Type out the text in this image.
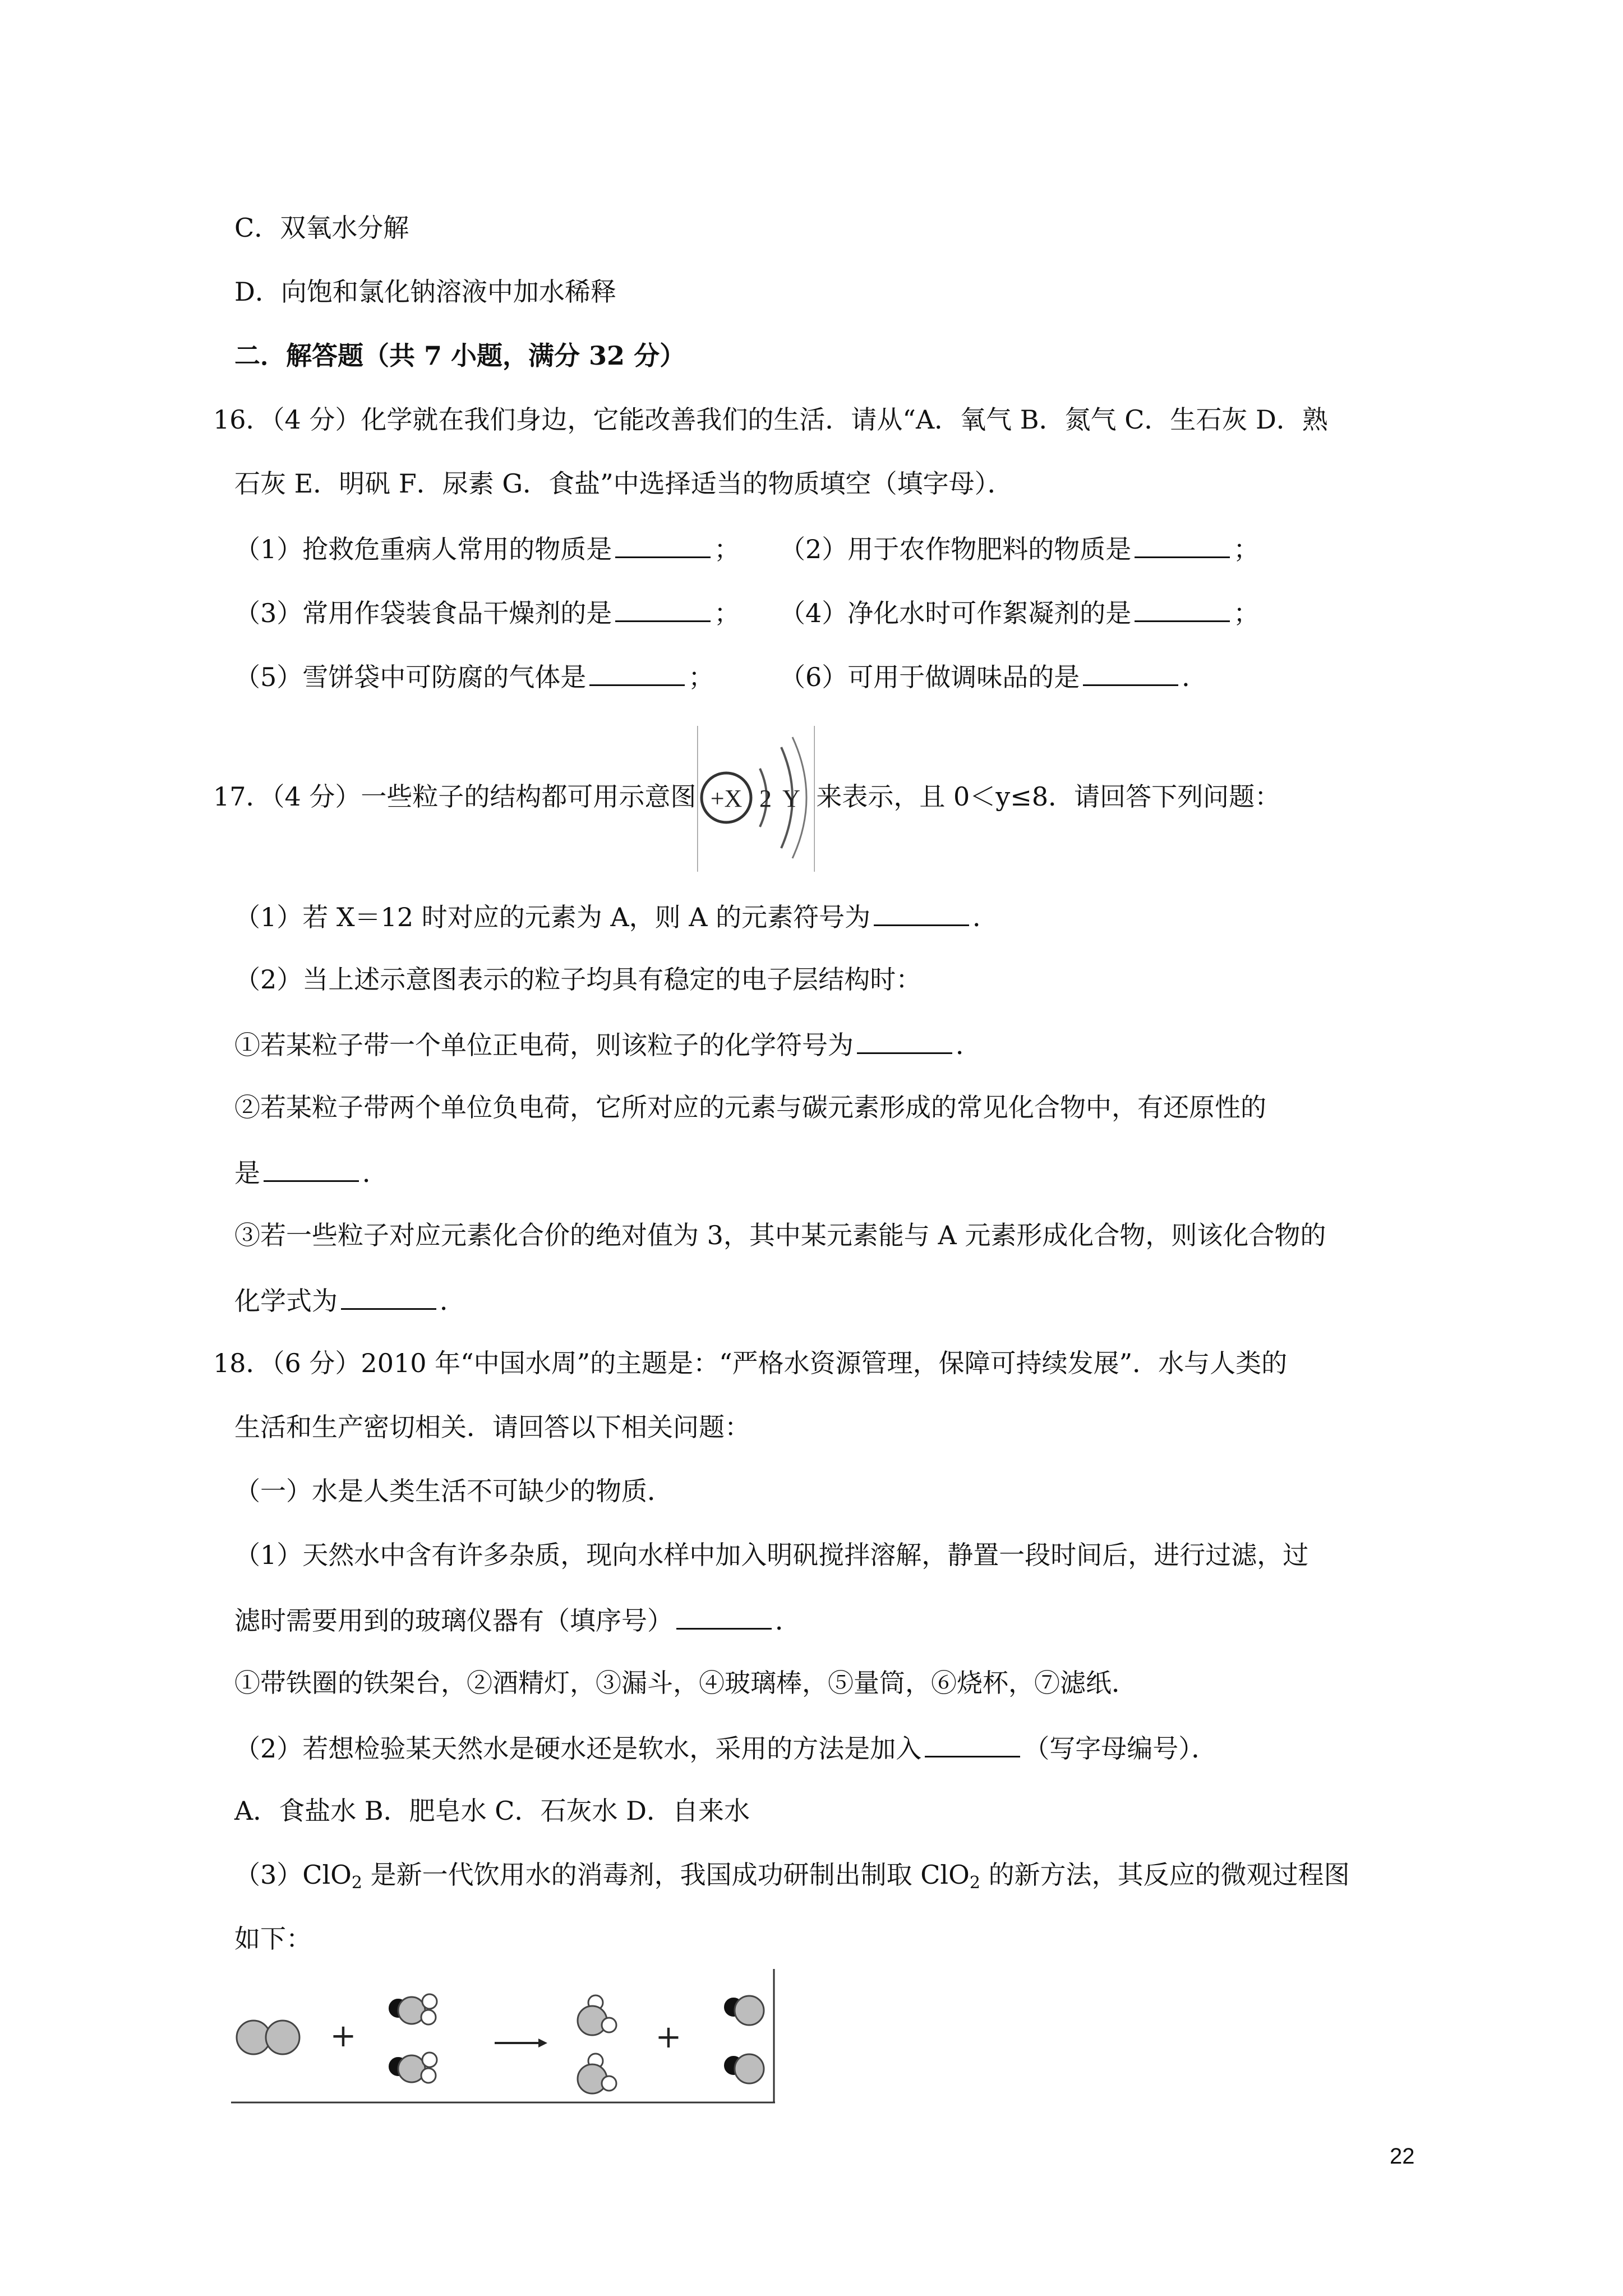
C．双氧水分解
D．向饱和氯化钠溶液中加水稀释
二．解答题（共 7 小题，满分 32 分）
16．（4 分）化学就在我们身边，它能改善我们的生活．请从“A．氧气 B．氮气 C．生石灰 D．熟
石灰 E．明矾 F．尿素 G．食盐”中选择适当的物质填空（填字母）．
（1）抢救危重病人常用的物质是	； （2）用于农作物肥料的物质是	；
（3）常用作袋装食品干燥剂的是	； （4）净化水时可作絮凝剂的是	；
（5）雪饼袋中可防腐的气体是	；	（6）可用于做调味品的是	．
17．（4 分）一些粒子的结构都可用示意图 +X 2 Y 来表示，且 0＜y≤8．请回答下列问题：
（1）若 X＝12 时对应的元素为 A，则 A 的元素符号为	．
（2）当上述示意图表示的粒子均具有稳定的电子层结构时：
①若某粒子带一个单位正电荷，则该粒子的化学符号为	．
②若某粒子带两个单位负电荷，它所对应的元素与碳元素形成的常见化合物中，有还原性的
是	．
③若一些粒子对应元素化合价的绝对值为 3，其中某元素能与 A 元素形成化合物，则该化合物的
化学式为	．
18．（6 分）2010 年“中国水周”的主题是：“严格水资源管理，保障可持续发展”．水与人类的
生活和生产密切相关．请回答以下相关问题：
（一）水是人类生活不可缺少的物质．
（1）天然水中含有许多杂质，现向水样中加入明矾搅拌溶解，静置一段时间后，进行过滤，过
滤时需要用到的玻璃仪器有（填序号）	．
①带铁圈的铁架台，②酒精灯，③漏斗，④玻璃棒，⑤量筒，⑥烧杯，⑦滤纸．
（2）若想检验某天然水是硬水还是软水，采用的方法是加入	（写字母编号）．
A．食盐水 B．肥皂水 C．石灰水 D．自来水
（3）ClO$_2$ 是新一代饮用水的消毒剂，我国成功研制出制取 ClO$_2$ 的新方法，其反应的微观过程图
如下：
+	+
22
